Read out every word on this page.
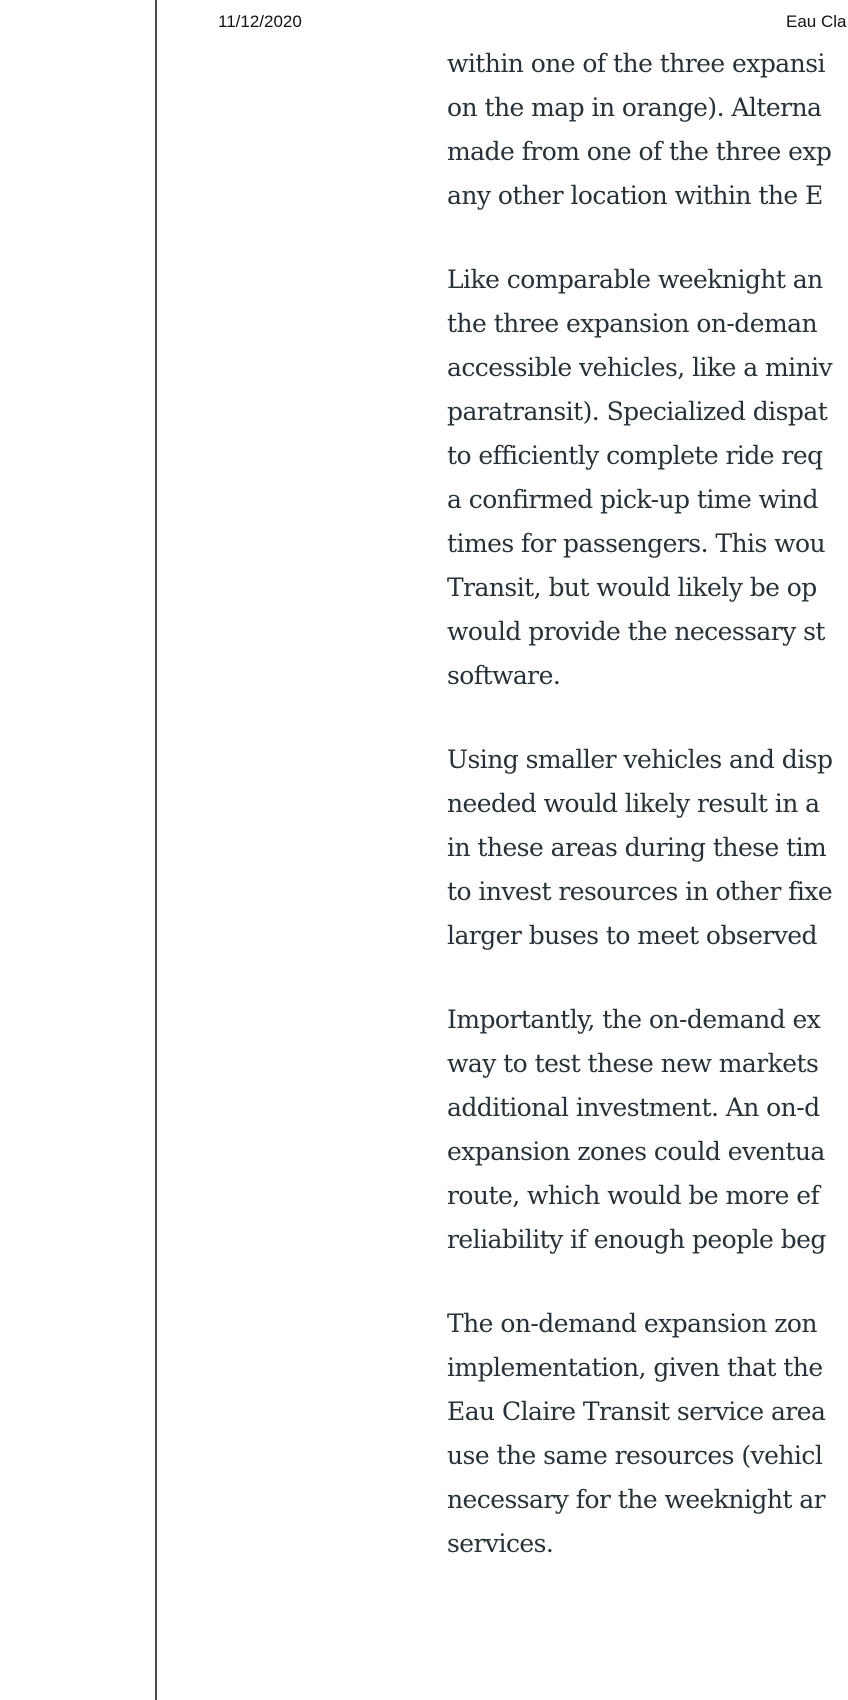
11/12/2020	Eau Cla
within one of the three expansi
on the map in orange). Alterna
made from one of the three exp
any other location within the E
Like comparable weeknight an
the three expansion on-deman
accessible vehicles, like a miniv
paratransit). Specialized dispat
to efficiently complete ride req
a confirmed pick-up time wind
times for passengers. This wou
Transit, but would likely be op
would provide the necessary st
software.
Using smaller vehicles and disp
needed would likely result in a
in these areas during these tim
to invest resources in other fixe
larger buses to meet observed
Importantly, the on-demand ex
way to test these new markets
additional investment. An on-d
expansion zones could eventua
route, which would be more ef
reliability if enough people beg
The on-demand expansion zon
implementation, given that the
Eau Claire Transit service area
use the same resources (vehicl
necessary for the weeknight ar
services.
